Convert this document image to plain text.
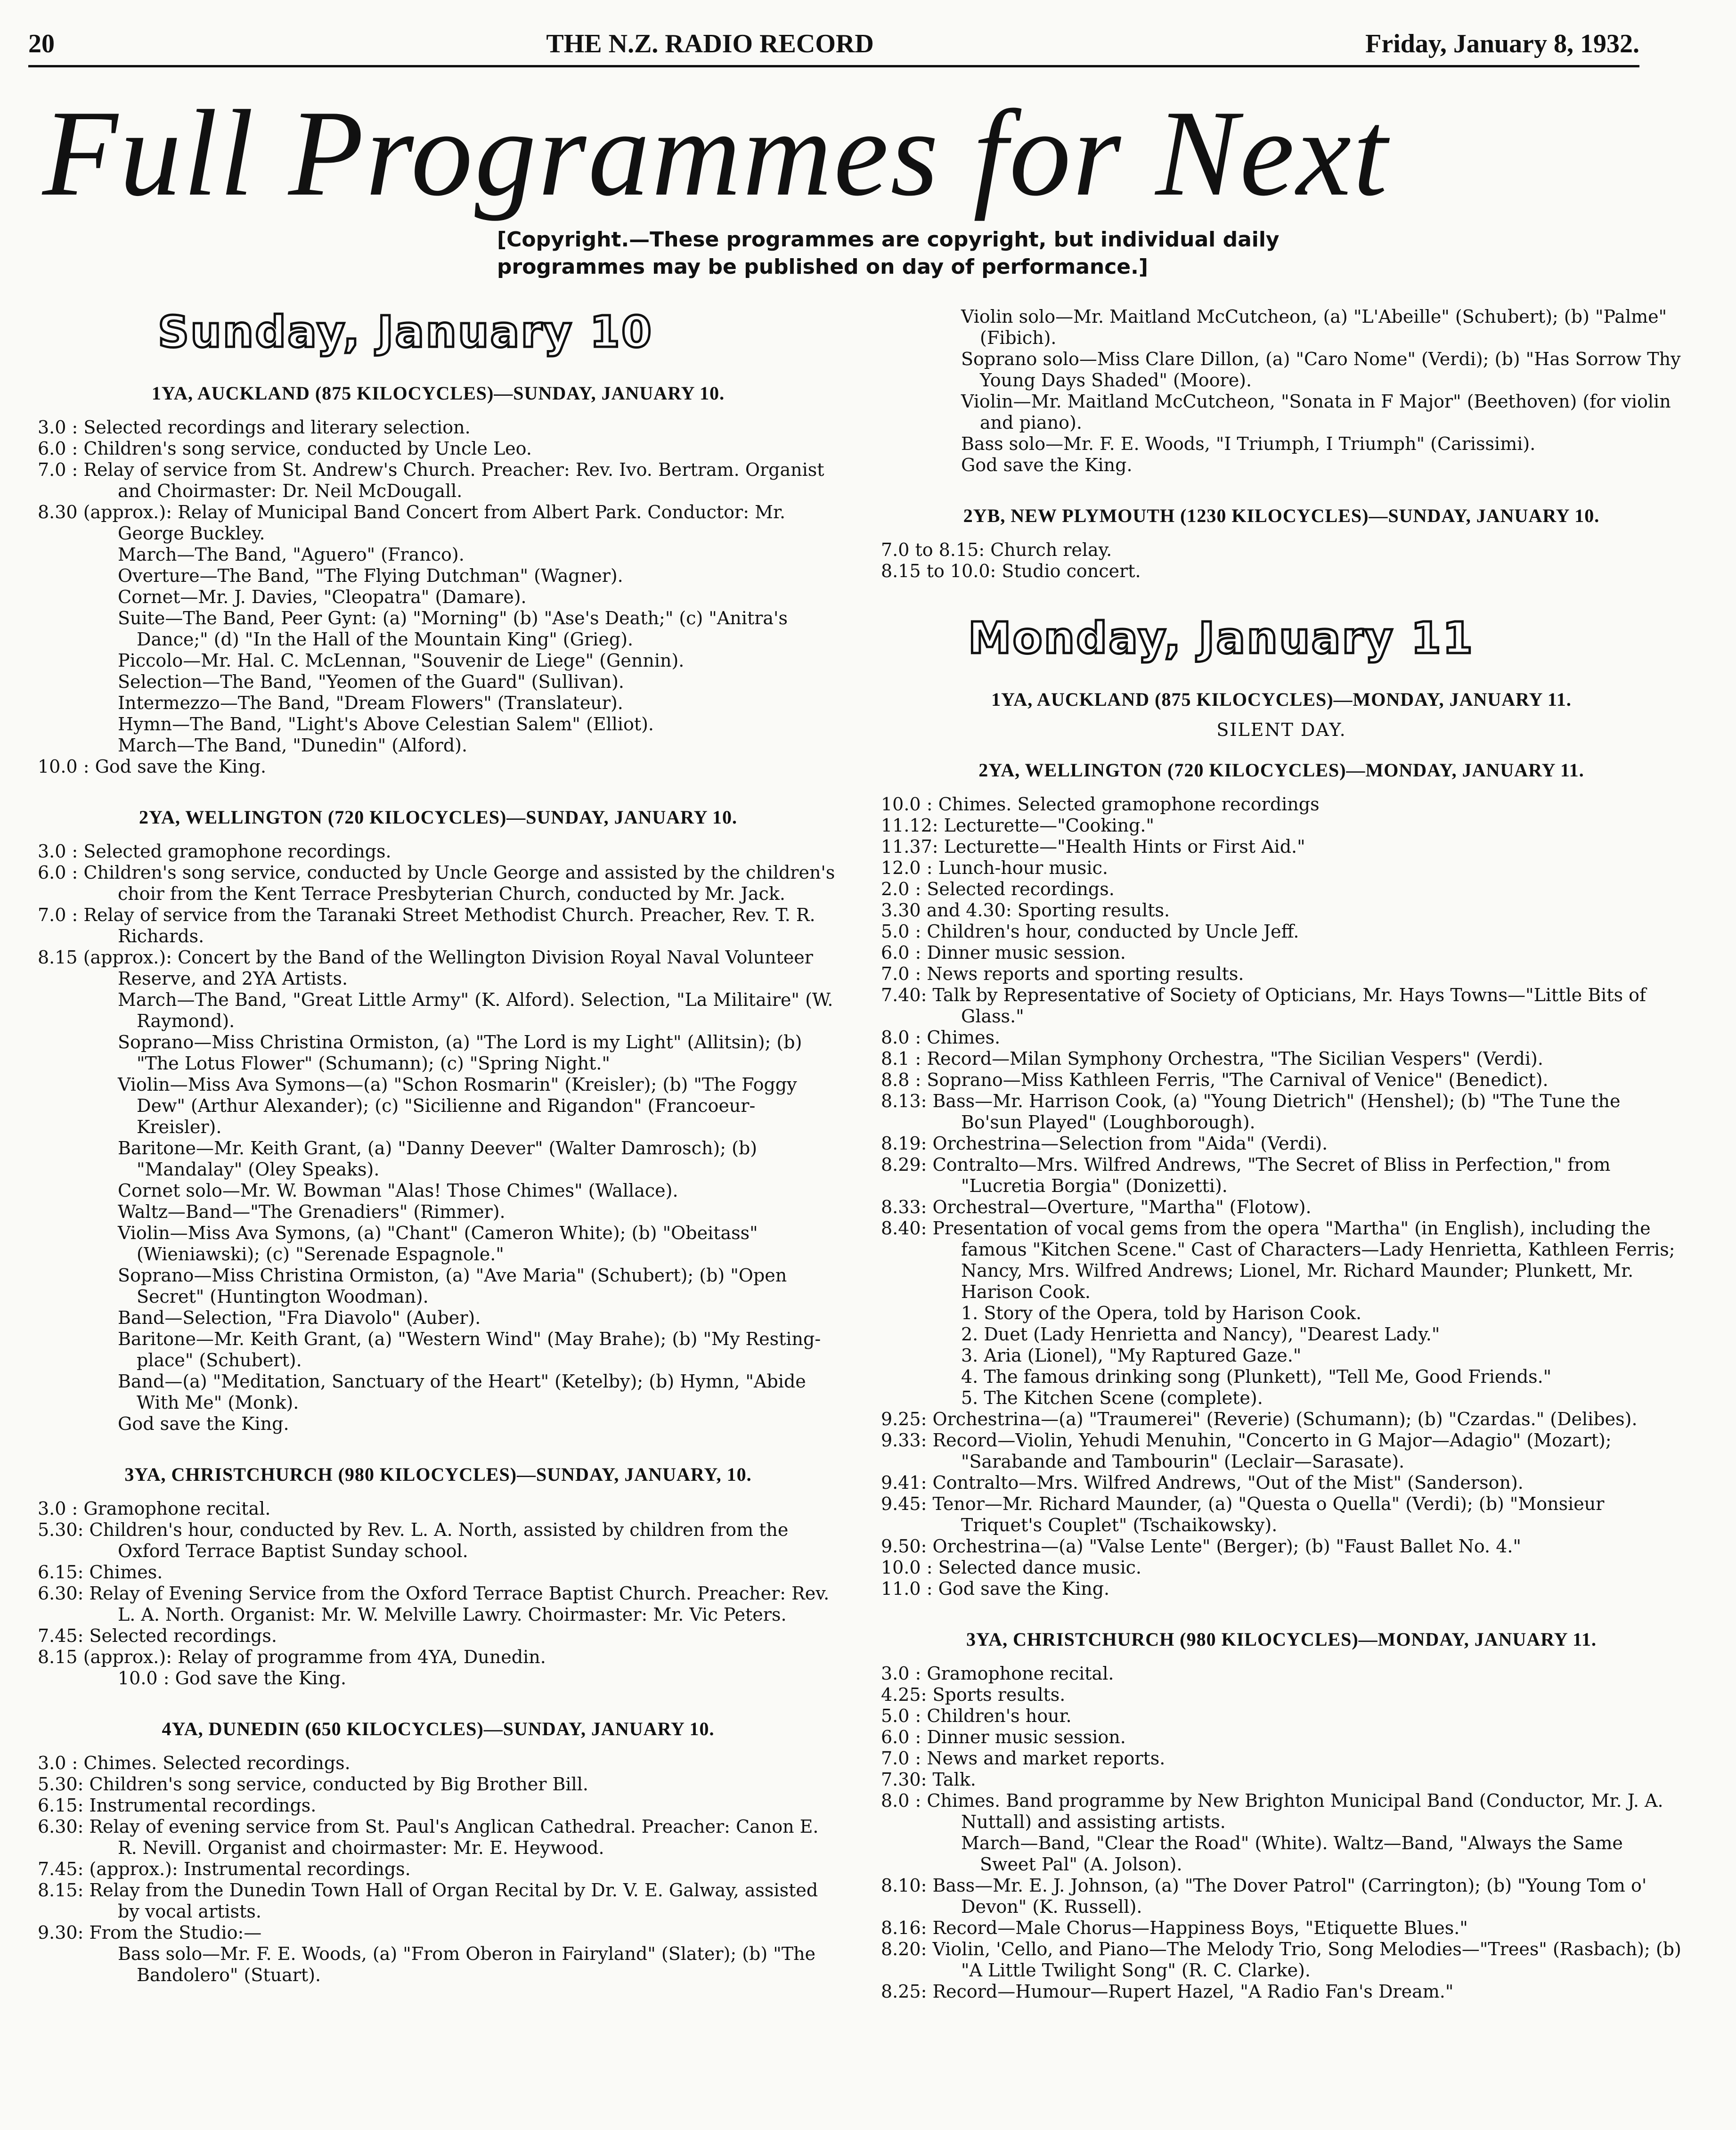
20	THE N.Z. RADIO RECORD	Friday, January 8, 1932.
Full Programmes for Next
[Copyright.—These programmes are copyright, but individual daily programmes may be published on day of performance.]
Sunday, January 10
1YA, AUCKLAND (875 KILOCYCLES)—SUNDAY, JANUARY 10.
3.0 : Selected recordings and literary selection.
6.0 : Children's song service, conducted by Uncle Leo.
7.0 : Relay of service from St. Andrew's Church. Preacher: Rev. Ivo. Bertram. Organist and Choirmaster: Dr. Neil McDougall.
8.30 (approx.): Relay of Municipal Band Concert from Albert Park. Conductor: Mr. George Buckley.
March—The Band, "Aguero" (Franco).
Overture—The Band, "The Flying Dutchman" (Wagner).
Cornet—Mr. J. Davies, "Cleopatra" (Damare).
Suite—The Band, Peer Gynt: (a) "Morning" (b) "Ase's Death;" (c) "Anitra's Dance;" (d) "In the Hall of the Mountain King" (Grieg).
Piccolo—Mr. Hal. C. McLennan, "Souvenir de Liege" (Gennin).
Selection—The Band, "Yeomen of the Guard" (Sullivan).
Intermezzo—The Band, "Dream Flowers" (Translateur).
Hymn—The Band, "Light's Above Celestian Salem" (Elliot).
March—The Band, "Dunedin" (Alford).
10.0 : God save the King.
2YA, WELLINGTON (720 KILOCYCLES)—SUNDAY, JANUARY 10.
3.0 : Selected gramophone recordings.
6.0 : Children's song service, conducted by Uncle George and assisted by the children's choir from the Kent Terrace Presbyterian Church, conducted by Mr. Jack.
7.0 : Relay of service from the Taranaki Street Methodist Church. Preacher, Rev. T. R. Richards.
8.15 (approx.): Concert by the Band of the Wellington Division Royal Naval Volunteer Reserve, and 2YA Artists.
March—The Band, "Great Little Army" (K. Alford). Selection, "La Militaire" (W. Raymond).
Soprano—Miss Christina Ormiston, (a) "The Lord is my Light" (Allitsin); (b) "The Lotus Flower" (Schumann); (c) "Spring Night."
Violin—Miss Ava Symons—(a) "Schon Rosmarin" (Kreisler); (b) "The Foggy Dew" (Arthur Alexander); (c) "Sicilienne and Rigandon" (Francoeur-Kreisler).
Baritone—Mr. Keith Grant, (a) "Danny Deever" (Walter Damrosch); (b) "Mandalay" (Oley Speaks).
Cornet solo—Mr. W. Bowman "Alas! Those Chimes" (Wallace).
Waltz—Band—"The Grenadiers" (Rimmer).
Violin—Miss Ava Symons, (a) "Chant" (Cameron White); (b) "Obeitass" (Wieniawski); (c) "Serenade Espagnole."
Soprano—Miss Christina Ormiston, (a) "Ave Maria" (Schubert); (b) "Open Secret" (Huntington Woodman).
Band—Selection, "Fra Diavolo" (Auber).
Baritone—Mr. Keith Grant, (a) "Western Wind" (May Brahe); (b) "My Resting-place" (Schubert).
Band—(a) "Meditation, Sanctuary of the Heart" (Ketelby); (b) Hymn, "Abide With Me" (Monk).
God save the King.
3YA, CHRISTCHURCH (980 KILOCYCLES)—SUNDAY, JANUARY, 10.
3.0 : Gramophone recital.
5.30: Children's hour, conducted by Rev. L. A. North, assisted by children from the Oxford Terrace Baptist Sunday school.
6.15: Chimes.
6.30: Relay of Evening Service from the Oxford Terrace Baptist Church. Preacher: Rev. L. A. North. Organist: Mr. W. Melville Lawry. Choirmaster: Mr. Vic Peters.
7.45: Selected recordings.
8.15 (approx.): Relay of programme from 4YA, Dunedin.
10.0 : God save the King.
4YA, DUNEDIN (650 KILOCYCLES)—SUNDAY, JANUARY 10.
3.0 : Chimes. Selected recordings.
5.30: Children's song service, conducted by Big Brother Bill.
6.15: Instrumental recordings.
6.30: Relay of evening service from St. Paul's Anglican Cathedral. Preacher: Canon E. R. Nevill. Organist and choirmaster: Mr. E. Heywood.
7.45: (approx.): Instrumental recordings.
8.15: Relay from the Dunedin Town Hall of Organ Recital by Dr. V. E. Galway, assisted by vocal artists.
9.30: From the Studio:—
Bass solo—Mr. F. E. Woods, (a) "From Oberon in Fairyland" (Slater); (b) "The Bandolero" (Stuart).
Violin solo—Mr. Maitland McCutcheon, (a) "L'Abeille" (Schubert); (b) "Palme" (Fibich).
Soprano solo—Miss Clare Dillon, (a) "Caro Nome" (Verdi); (b) "Has Sorrow Thy Young Days Shaded" (Moore).
Violin—Mr. Maitland McCutcheon, "Sonata in F Major" (Beethoven) (for violin and piano).
Bass solo—Mr. F. E. Woods, "I Triumph, I Triumph" (Carissimi).
God save the King.
2YB, NEW PLYMOUTH (1230 KILOCYCLES)—SUNDAY, JANUARY 10.
7.0 to 8.15: Church relay.
8.15 to 10.0: Studio concert.
Monday, January 11
1YA, AUCKLAND (875 KILOCYCLES)—MONDAY, JANUARY 11.
SILENT DAY.
2YA, WELLINGTON (720 KILOCYCLES)—MONDAY, JANUARY 11.
10.0 : Chimes. Selected gramophone recordings
11.12: Lecturette—"Cooking."
11.37: Lecturette—"Health Hints or First Aid."
12.0 : Lunch-hour music.
2.0 : Selected recordings.
3.30 and 4.30: Sporting results.
5.0 : Children's hour, conducted by Uncle Jeff.
6.0 : Dinner music session.
7.0 : News reports and sporting results.
7.40: Talk by Representative of Society of Opticians, Mr. Hays Towns—"Little Bits of Glass."
8.0 : Chimes.
8.1 : Record—Milan Symphony Orchestra, "The Sicilian Vespers" (Verdi).
8.8 : Soprano—Miss Kathleen Ferris, "The Carnival of Venice" (Benedict).
8.13: Bass—Mr. Harrison Cook, (a) "Young Dietrich" (Henshel); (b) "The Tune the Bo'sun Played" (Loughborough).
8.19: Orchestrina—Selection from "Aida" (Verdi).
8.29: Contralto—Mrs. Wilfred Andrews, "The Secret of Bliss in Perfection," from "Lucretia Borgia" (Donizetti).
8.33: Orchestral—Overture, "Martha" (Flotow).
8.40: Presentation of vocal gems from the opera "Martha" (in English), including the famous "Kitchen Scene." Cast of Characters—Lady Henrietta, Kathleen Ferris; Nancy, Mrs. Wilfred Andrews; Lionel, Mr. Richard Maunder; Plunkett, Mr. Harison Cook.
1. Story of the Opera, told by Harison Cook.
2. Duet (Lady Henrietta and Nancy), "Dearest Lady."
3. Aria (Lionel), "My Raptured Gaze."
4. The famous drinking song (Plunkett), "Tell Me, Good Friends."
5. The Kitchen Scene (complete).
9.25: Orchestrina—(a) "Traumerei" (Reverie) (Schumann); (b) "Czardas." (Delibes).
9.33: Record—Violin, Yehudi Menuhin, "Concerto in G Major—Adagio" (Mozart); "Sarabande and Tambourin" (Leclair—Sarasate).
9.41: Contralto—Mrs. Wilfred Andrews, "Out of the Mist" (Sanderson).
9.45: Tenor—Mr. Richard Maunder, (a) "Questa o Quella" (Verdi); (b) "Monsieur Triquet's Couplet" (Tschaikowsky).
9.50: Orchestrina—(a) "Valse Lente" (Berger); (b) "Faust Ballet No. 4."
10.0 : Selected dance music.
11.0 : God save the King.
3YA, CHRISTCHURCH (980 KILOCYCLES)—MONDAY, JANUARY 11.
3.0 : Gramophone recital.
4.25: Sports results.
5.0 : Children's hour.
6.0 : Dinner music session.
7.0 : News and market reports.
7.30: Talk.
8.0 : Chimes. Band programme by New Brighton Municipal Band (Conductor, Mr. J. A. Nuttall) and assisting artists.
March—Band, "Clear the Road" (White). Waltz—Band, "Always the Same Sweet Pal" (A. Jolson).
8.10: Bass—Mr. E. J. Johnson, (a) "The Dover Patrol" (Carrington); (b) "Young Tom o' Devon" (K. Russell).
8.16: Record—Male Chorus—Happiness Boys, "Etiquette Blues."
8.20: Violin, 'Cello, and Piano—The Melody Trio, Song Melodies—"Trees" (Rasbach); (b) "A Little Twilight Song" (R. C. Clarke).
8.25: Record—Humour—Rupert Hazel, "A Radio Fan's Dream."
